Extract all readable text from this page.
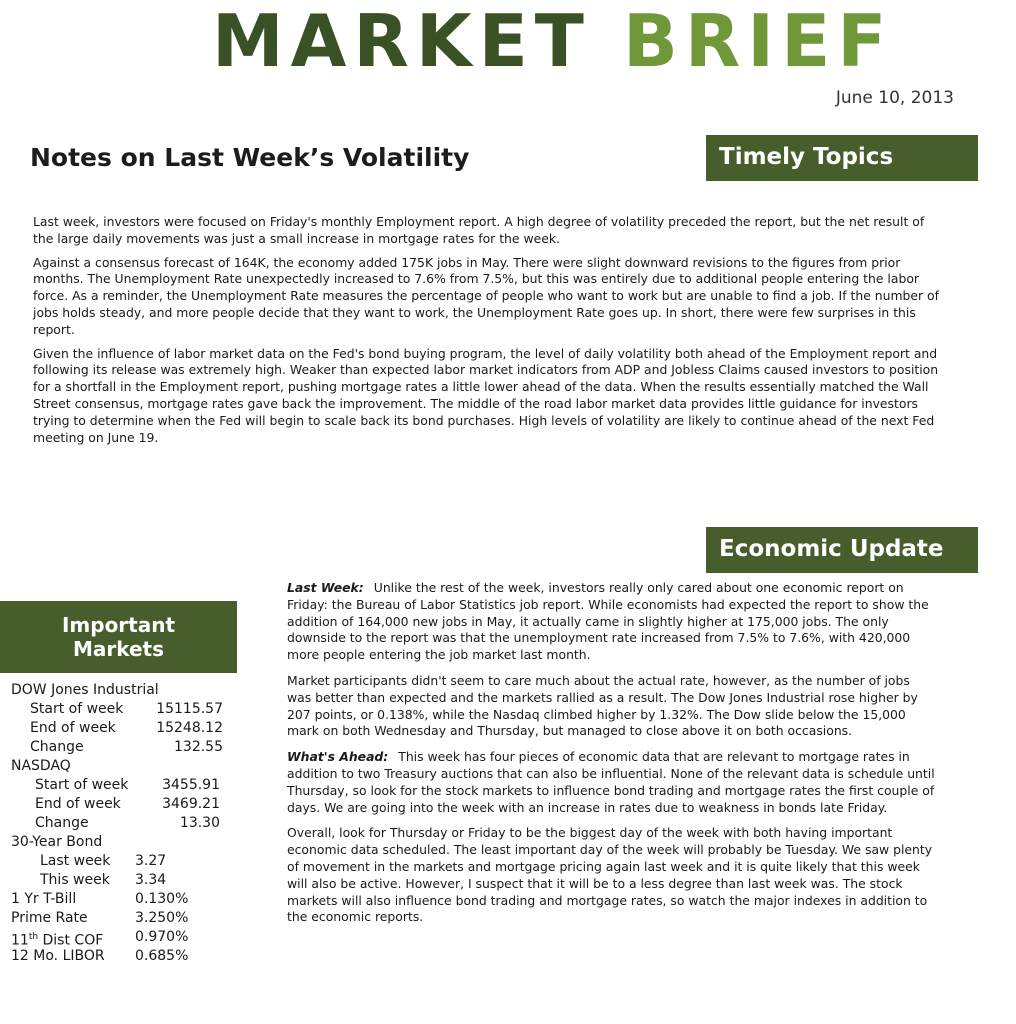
MARKET BRIEF
June 10, 2013
Notes on Last Week’s Volatility	Timely Topics

Last week, investors were focused on Friday's monthly Employment report. A high degree of volatility preceded the report, but the net result of the large daily movements was just a small increase in mortgage rates for the week.

Against a consensus forecast of 164K, the economy added 175K jobs in May. There were slight downward revisions to the figures from prior months. The Unemployment Rate unexpectedly increased to 7.6% from 7.5%, but this was entirely due to additional people entering the labor force. As a reminder, the Unemployment Rate measures the percentage of people who want to work but are unable to find a job. If the number of jobs holds steady, and more people decide that they want to work, the Unemployment Rate goes up. In short, there were few surprises in this report.

Given the influence of labor market data on the Fed's bond buying program, the level of daily volatility both ahead of the Employment report and following its release was extremely high. Weaker than expected labor market indicators from ADP and Jobless Claims caused investors to position for a shortfall in the Employment report, pushing mortgage rates a little lower ahead of the data. When the results essentially matched the Wall Street consensus, mortgage rates gave back the improvement. The middle of the road labor market data provides little guidance for investors trying to determine when the Fed will begin to scale back its bond purchases. High levels of volatility are likely to continue ahead of the next Fed meeting on June 19.

Economic Update
Important
Markets
DOW Jones Industrial
Start of week	15115.57
End of week	15248.12
Change	132.55
NASDAQ
Start of week	3455.91
End of week	3469.21
Change	13.30
30-Year Bond
Last week 3.27
This week 3.34
1 Yr T-Bill	0.130%
Prime Rate	3.250%
11th Dist COF 0.970%
12 Mo. LIBOR 0.685%

Last Week: Unlike the rest of the week, investors really only cared about one economic report on Friday: the Bureau of Labor Statistics job report. While economists had expected the report to show the addition of 164,000 new jobs in May, it actually came in slightly higher at 175,000 jobs. The only downside to the report was that the unemployment rate increased from 7.5% to 7.6%, with 420,000 more people entering the job market last month.

Market participants didn't seem to care much about the actual rate, however, as the number of jobs was better than expected and the markets rallied as a result. The Dow Jones Industrial rose higher by 207 points, or 0.138%, while the Nasdaq climbed higher by 1.32%. The Dow slide below the 15,000 mark on both Wednesday and Thursday, but managed to close above it on both occasions.

What's Ahead: This week has four pieces of economic data that are relevant to mortgage rates in addition to two Treasury auctions that can also be influential. None of the relevant data is schedule until Thursday, so look for the stock markets to influence bond trading and mortgage rates the first couple of days. We are going into the week with an increase in rates due to weakness in bonds late Friday.

Overall, look for Thursday or Friday to be the biggest day of the week with both having important economic data scheduled. The least important day of the week will probably be Tuesday. We saw plenty of movement in the markets and mortgage pricing again last week and it is quite likely that this week will also be active. However, I suspect that it will be to a less degree than last week was. The stock markets will also influence bond trading and mortgage rates, so watch the major indexes in addition to the economic reports.
